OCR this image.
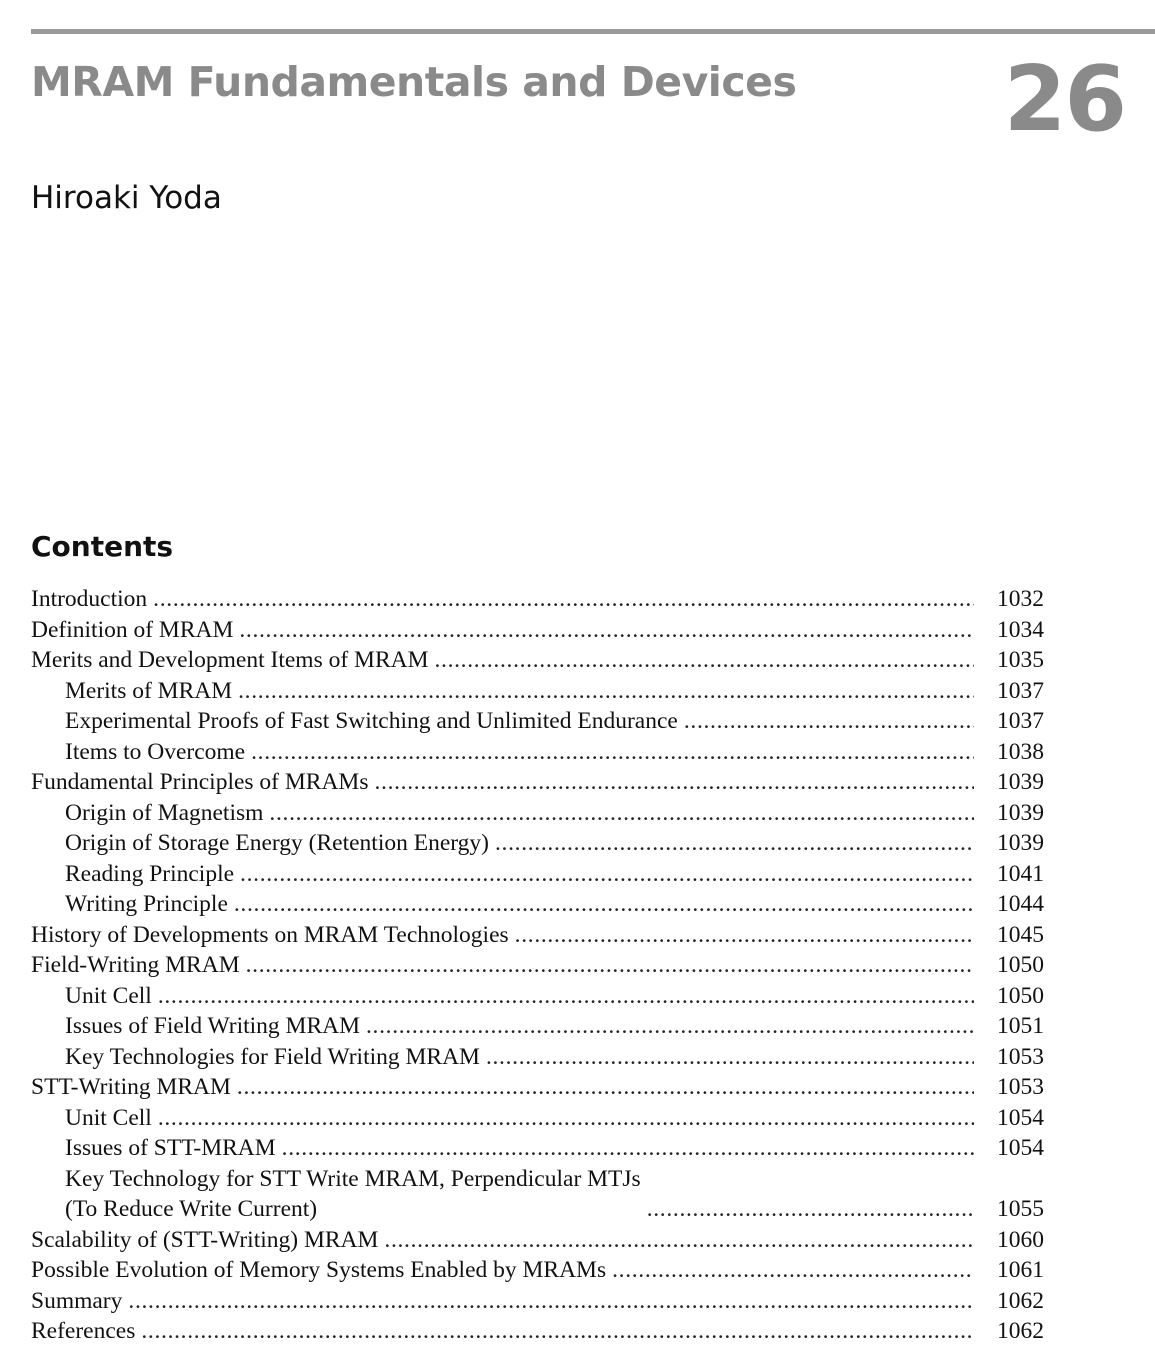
MRAM Fundamentals and Devices 26
Hiroaki Yoda
Contents
Introduction . . .	1032
Definition of MRAM . . .	1034
Merits and Development Items of MRAM . . .	1035
Merits of MRAM . . .	1037
Experimental Proofs of Fast Switching and Unlimited Endurance . . .	1037
Items to Overcome . . .	1038
Fundamental Principles of MRAMs . . .	1039
Origin of Magnetism . . .	1039
Origin of Storage Energy (Retention Energy) . . .	1039
Reading Principle . . .	1041
Writing Principle . . .	1044
History of Developments on MRAM Technologies . . .	1045
Field-Writing MRAM . . .	1050
Unit Cell . . .	1050
Issues of Field Writing MRAM . . .	1051
Key Technologies for Field Writing MRAM . . .	1053
STT-Writing MRAM . . .	1053
Unit Cell . . .	1054
Issues of STT-MRAM . . .	1054
Key Technology for STT Write MRAM, Perpendicular MTJs
(To Reduce Write Current) . . .	1055
Scalability of (STT-Writing) MRAM . . .	1060
Possible Evolution of Memory Systems Enabled by MRAMs . . .	1061
Summary . . .	1062
References . . .	1062
